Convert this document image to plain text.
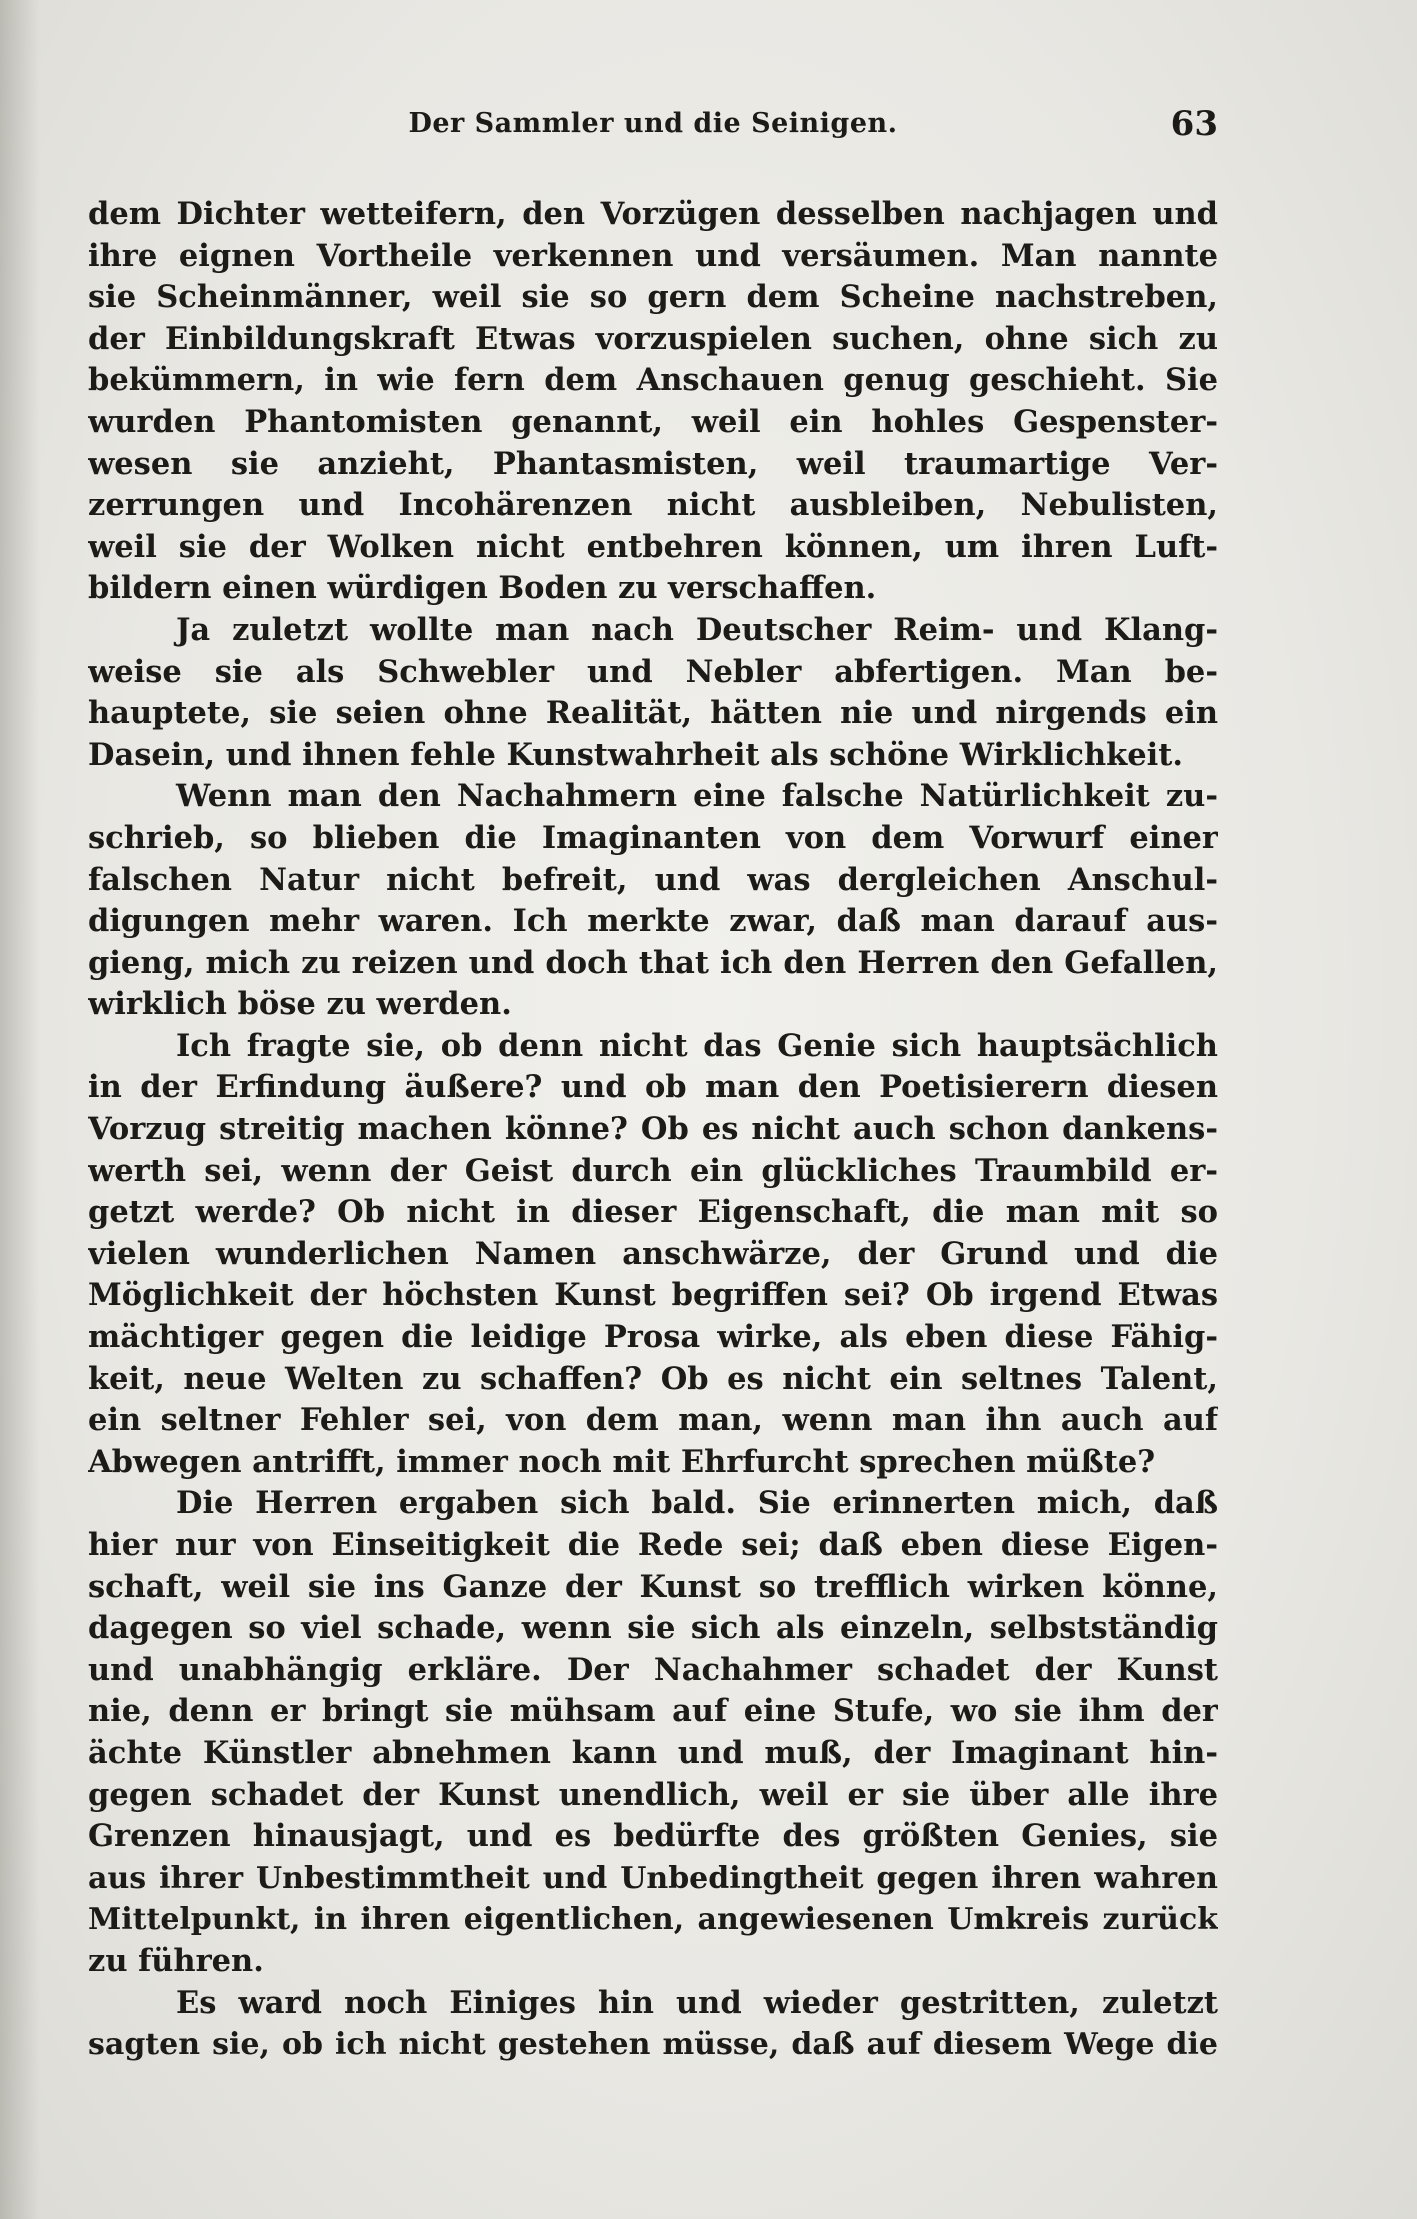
Der Sammler und die Seinigen.	63
dem Dichter wetteifern, den Vorzügen desselben nachjagen und
ihre eignen Vortheile verkennen und versäumen. Man nannte
sie Scheinmänner, weil sie so gern dem Scheine nachstreben,
der Einbildungskraft Etwas vorzuspielen suchen, ohne sich zu
bekümmern, in wie fern dem Anschauen genug geschieht. Sie
wurden Phantomisten genannt, weil ein hohles Gespenster-
wesen sie anzieht, Phantasmisten, weil traumartige Ver-
zerrungen und Incohärenzen nicht ausbleiben, Nebulisten,
weil sie der Wolken nicht entbehren können, um ihren Luft-
bildern einen würdigen Boden zu verschaffen.
Ja zuletzt wollte man nach Deutscher Reim- und Klang-
weise sie als Schwebler und Nebler abfertigen. Man be-
hauptete, sie seien ohne Realität, hätten nie und nirgends ein
Dasein, und ihnen fehle Kunstwahrheit als schöne Wirklichkeit.
Wenn man den Nachahmern eine falsche Natürlichkeit zu-
schrieb, so blieben die Imaginanten von dem Vorwurf einer
falschen Natur nicht befreit, und was dergleichen Anschul-
digungen mehr waren. Ich merkte zwar, daß man darauf aus-
gieng, mich zu reizen und doch that ich den Herren den Gefallen,
wirklich böse zu werden.
Ich fragte sie, ob denn nicht das Genie sich hauptsächlich
in der Erfindung äußere? und ob man den Poetisierern diesen
Vorzug streitig machen könne? Ob es nicht auch schon dankens-
werth sei, wenn der Geist durch ein glückliches Traumbild er-
getzt werde? Ob nicht in dieser Eigenschaft, die man mit so
vielen wunderlichen Namen anschwärze, der Grund und die
Möglichkeit der höchsten Kunst begriffen sei? Ob irgend Etwas
mächtiger gegen die leidige Prosa wirke, als eben diese Fähig-
keit, neue Welten zu schaffen? Ob es nicht ein seltnes Talent,
ein seltner Fehler sei, von dem man, wenn man ihn auch auf
Abwegen antrifft, immer noch mit Ehrfurcht sprechen müßte?
Die Herren ergaben sich bald. Sie erinnerten mich, daß
hier nur von Einseitigkeit die Rede sei; daß eben diese Eigen-
schaft, weil sie ins Ganze der Kunst so trefflich wirken könne,
dagegen so viel schade, wenn sie sich als einzeln, selbstständig
und unabhängig erkläre. Der Nachahmer schadet der Kunst
nie, denn er bringt sie mühsam auf eine Stufe, wo sie ihm der
ächte Künstler abnehmen kann und muß, der Imaginant hin-
gegen schadet der Kunst unendlich, weil er sie über alle ihre
Grenzen hinausjagt, und es bedürfte des größten Genies, sie
aus ihrer Unbestimmtheit und Unbedingtheit gegen ihren wahren
Mittelpunkt, in ihren eigentlichen, angewiesenen Umkreis zurück
zu führen.
Es ward noch Einiges hin und wieder gestritten, zuletzt
sagten sie, ob ich nicht gestehen müsse, daß auf diesem Wege die
